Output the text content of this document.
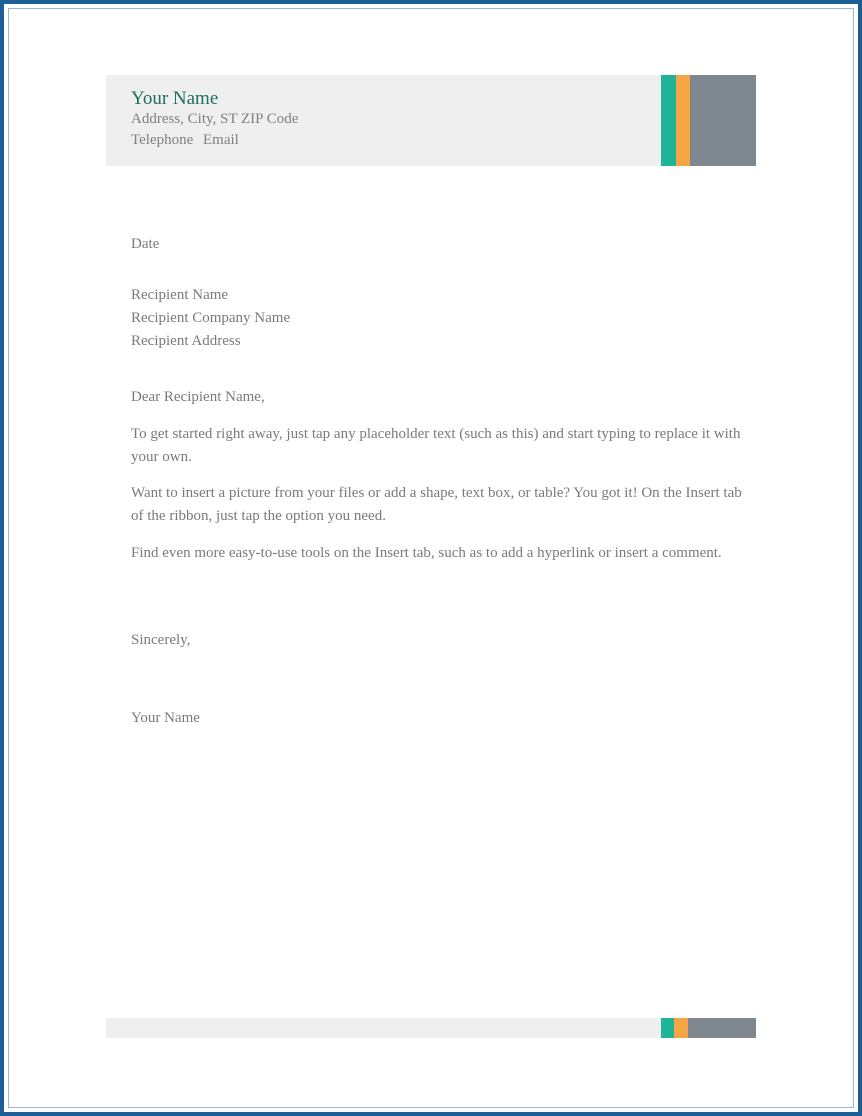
Your Name
Address, City, ST ZIP Code
Telephone Email
Date
Recipient Name
Recipient Company Name
Recipient Address
Dear Recipient Name,
To get started right away, just tap any placeholder text (such as this) and start typing to replace it with your own.
Want to insert a picture from your files or add a shape, text box, or table? You got it! On the Insert tab of the ribbon, just tap the option you need.
Find even more easy-to-use tools on the Insert tab, such as to add a hyperlink or insert a comment.
Sincerely,
Your Name
